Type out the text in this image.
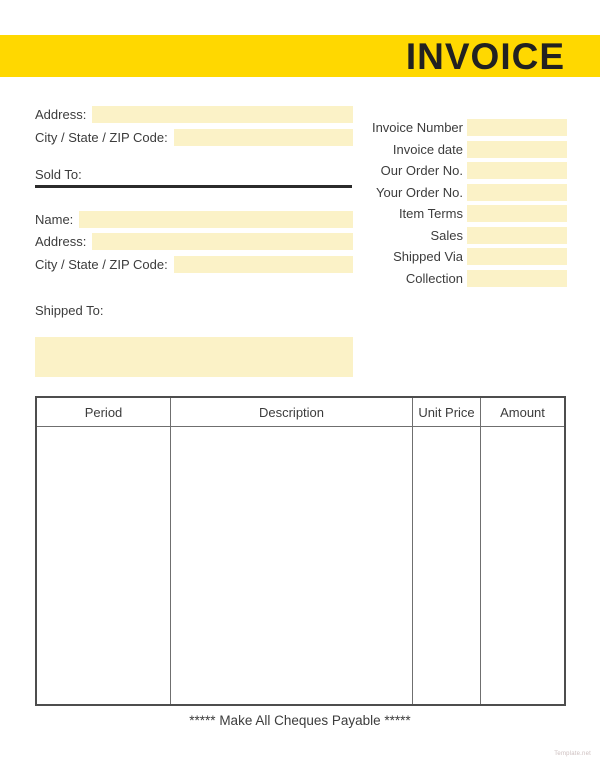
INVOICE
Address:
City / State / ZIP Code:
Sold To:
Name:
Address:
City / State / ZIP Code:
Shipped To:
Invoice Number
Invoice date
Our Order No.
Your Order No.
Item Terms
Sales
Shipped Via
Collection
Period	Description	Unit Price	Amount
***** Make All Cheques Payable *****
Template.net
